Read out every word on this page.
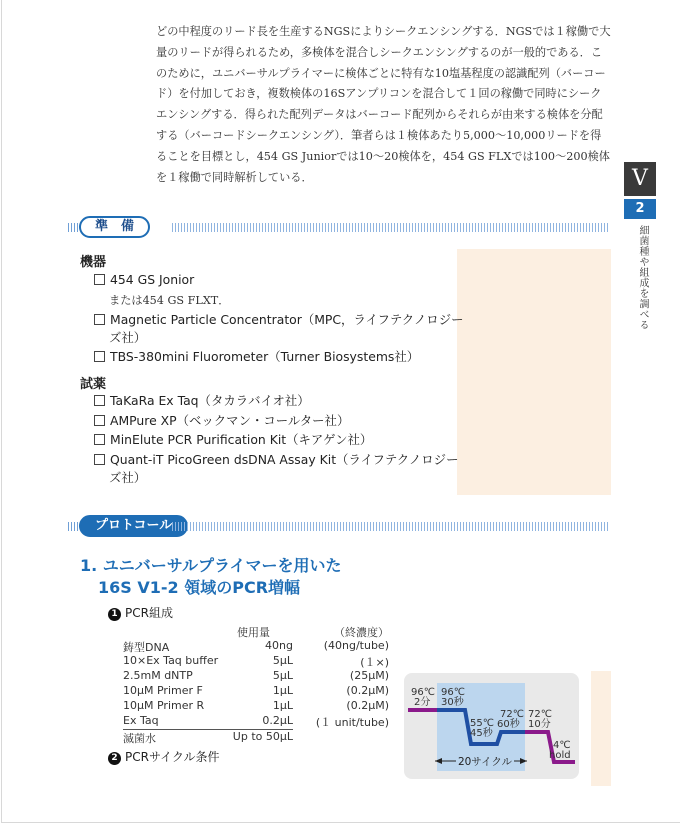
どの中程度のリード長を生産するNGSによりシークエンシングする．NGSでは１稼働で大

量のリードが得られるため，多検体を混合しシークエンシングするのが一般的である．こ

のために，ユニバーサルプライマーに検体ごとに特有な10塩基程度の認識配列（バーコー

ド）を付加しておき，複数検体の16Sアンプリコンを混合して１回の稼働で同時にシーク

エンシングする．得られた配列データはバーコード配列からそれらが由来する検体を分配

する（バーコードシークエンシング）．筆者らは１検体あたり5,000～10,000リードを得

ることを目標とし，454 GS Juniorでは10～20検体を，454 GS FLXでは100～200検体

を１稼働で同時解析している．	V
2
細菌種や組成を調べる
準　備
機器
454 GS Jonior
または454 GS FLXT．
Magnetic Particle Concentrator（MPC，ライフテクノロジー
ズ社）
TBS-380mini Fluorometer（Turner Biosystems社）
試薬
TaKaRa Ex Taq（タカラバイオ社）
AMPure XP（ベックマン・コールター社）
MinElute PCR Purification Kit（キアゲン社）
Quant-iT PicoGreen dsDNA Assay Kit（ライフテクノロジー
ズ社）
プロトコール
1. ユニバーサルプライマーを用いた
16S V1-2 領域のPCR増幅
1 PCR組成
使用量	（終濃度）
鋳型DNA	40ng	(40ng/tube)
10×Ex Taq buffer	5μL	(１×)
2.5mM dNTP	5μL	(25μM)
10μM Primer F	1μL	(0.2μM)
10μM Primer R	1μL	(0.2μM)
Ex Taq	0.2μL (１ unit/tube)
滅菌水	Up to 50μL
2 PCRサイクル条件	20サイクル
96℃
2分
96℃
30秒
55℃
45秒
72℃
60秒
72℃
10分
4℃
hold
